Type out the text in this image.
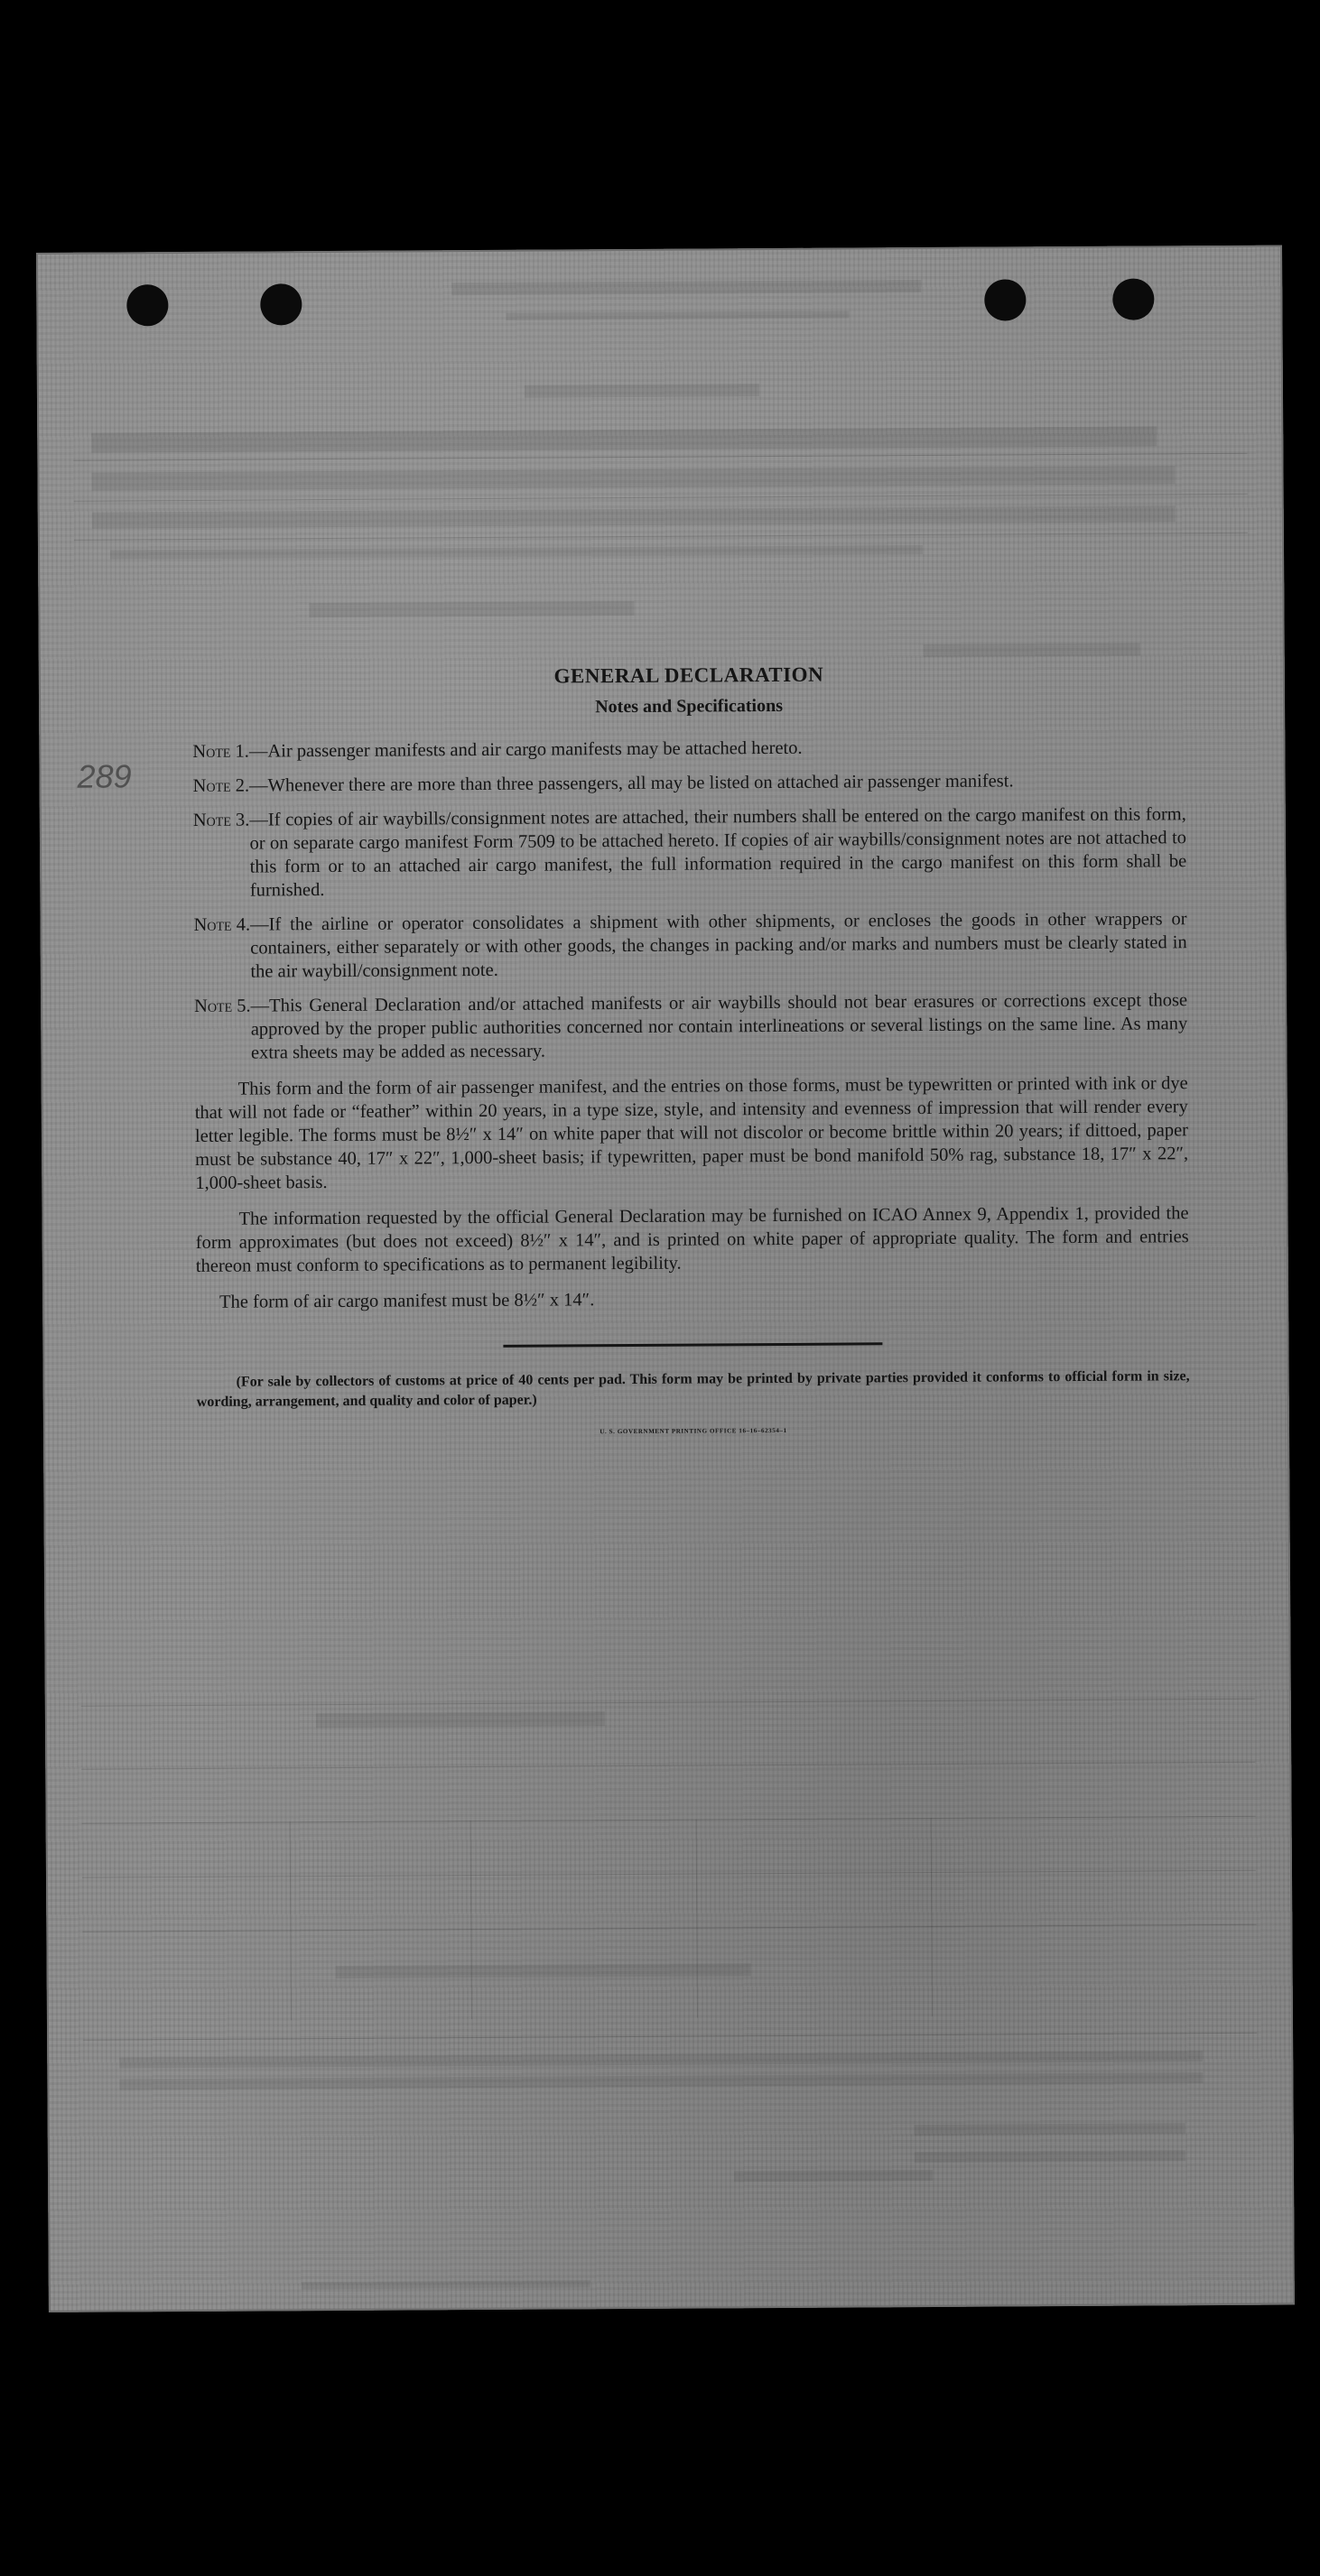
289
GENERAL DECLARATION
Notes and Specifications
Note 1. —Air passenger manifests and air cargo manifests may be attached hereto.
Note 2. —Whenever there are more than three passengers, all may be listed on attached air passenger manifest.
Note 3. —If copies of air waybills/consignment notes are attached, their numbers shall be entered on the cargo manifest on this form, or on separate cargo manifest Form 7509 to be attached hereto. If copies of air waybills/consignment notes are not attached to this form or to an attached air cargo manifest, the full information required in the cargo manifest on this form shall be furnished.
Note 4. —If the airline or operator consolidates a shipment with other shipments, or encloses the goods in other wrappers or containers, either separately or with other goods, the changes in packing and/or marks and numbers must be clearly stated in the air waybill/consignment note.
Note 5. —This General Declaration and/or attached manifests or air waybills should not bear erasures or corrections except those approved by the proper public authorities concerned nor contain interlineations or several listings on the same line. As many extra sheets may be added as necessary.

This form and the form of air passenger manifest, and the entries on those forms, must be typewritten or printed with ink or dye that will not fade or “feather” within 20 years, in a type size, style, and intensity and evenness of impression that will render every letter legible. The forms must be 8½″ x 14″ on white paper that will not discolor or become brittle within 20 years; if dittoed, paper must be substance 40, 17″ x 22″, 1,000-sheet basis; if typewritten, paper must be bond manifold 50% rag, substance 18, 17″ x 22″, 1,000-sheet basis.

The information requested by the official General Declaration may be furnished on ICAO Annex 9, Appendix 1, provided the form approximates (but does not exceed) 8½″ x 14″, and is printed on white paper of appropriate quality. The form and entries thereon must conform to specifications as to permanent legibility.

The form of air cargo manifest must be 8½″ x 14″.

(For sale by collectors of customs at price of 40 cents per pad. This form may be printed by private parties provided it conforms to official form in size, wording, arrangement, and quality and color of paper.)

U. S. GOVERNMENT PRINTING OFFICE 16–16–62354–1
